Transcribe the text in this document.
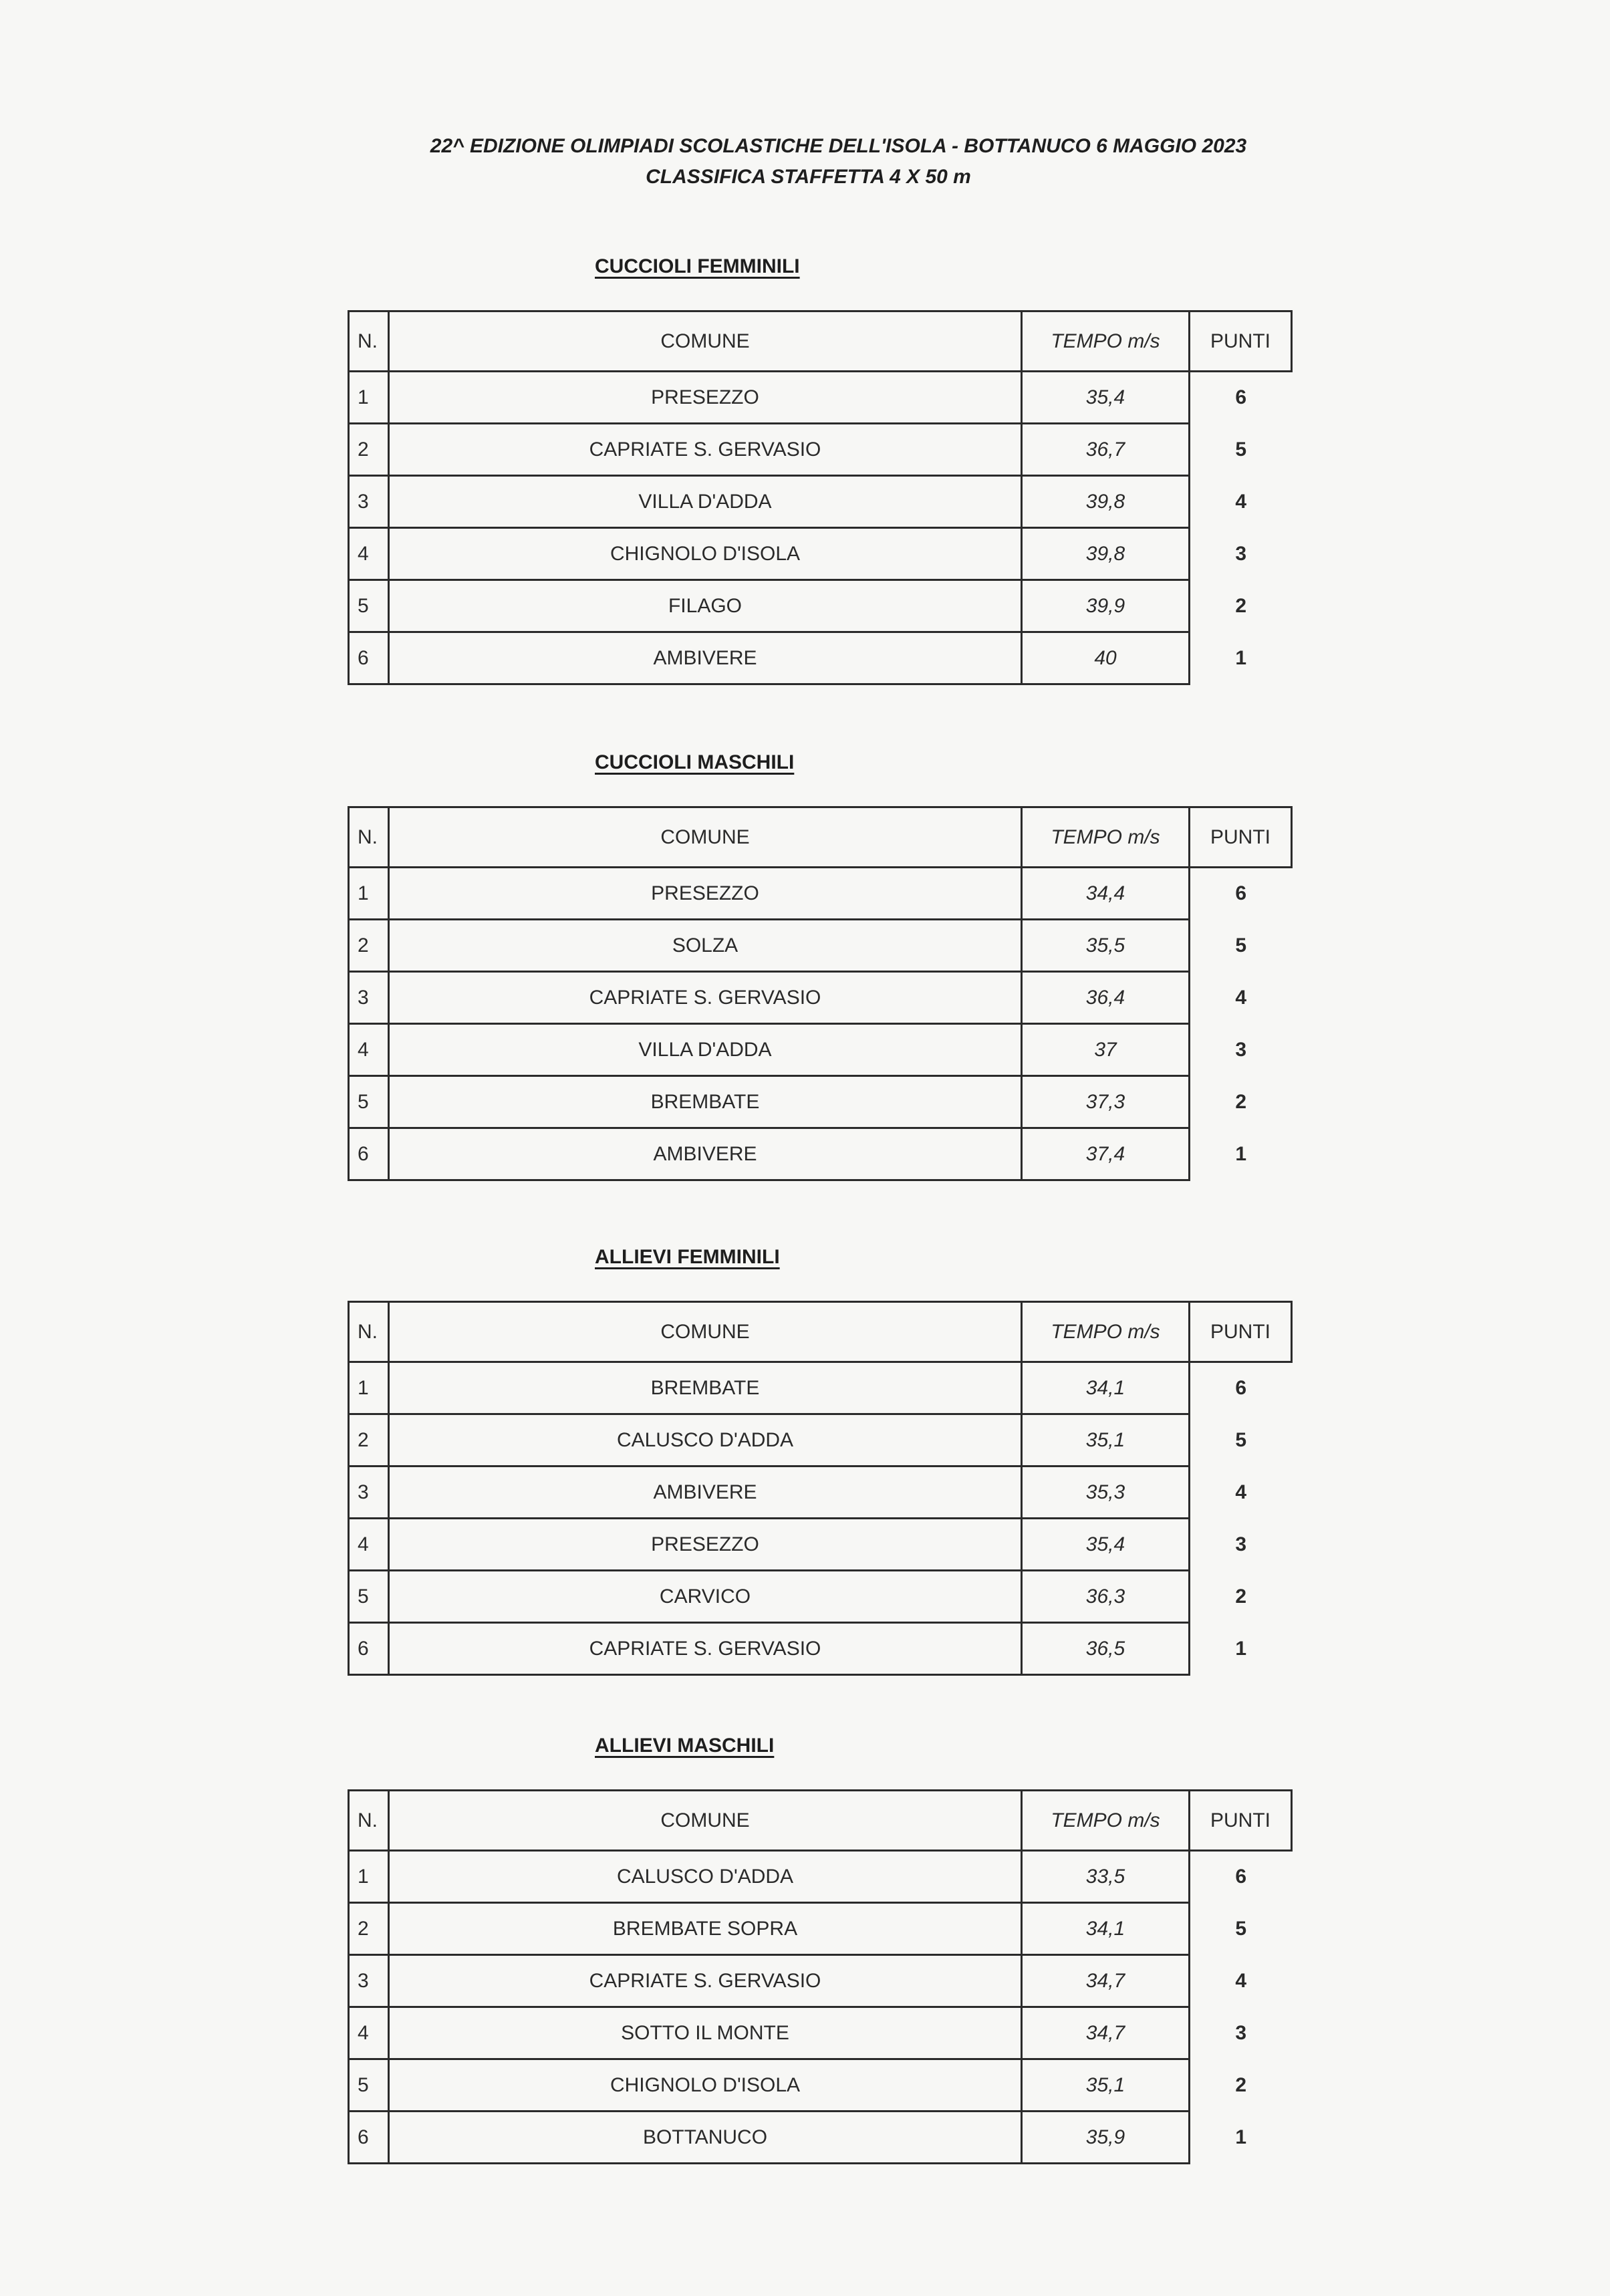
22^ EDIZIONE OLIMPIADI SCOLASTICHE DELL'ISOLA - BOTTANUCO 6 MAGGIO 2023
CLASSIFICA STAFFETTA 4 X 50 m
CUCCIOLI FEMMINILI
N.	COMUNE	TEMPO m/s	PUNTI
1	PRESEZZO	35,4	6
2	CAPRIATE S. GERVASIO	36,7	5
3	VILLA D'ADDA	39,8	4
4	CHIGNOLO D'ISOLA	39,8	3
5	FILAGO	39,9	2
6	AMBIVERE	40	1
CUCCIOLI MASCHILI
N.	COMUNE	TEMPO m/s	PUNTI
1	PRESEZZO	34,4	6
2	SOLZA	35,5	5
3	CAPRIATE S. GERVASIO	36,4	4
4	VILLA D'ADDA	37	3
5	BREMBATE	37,3	2
6	AMBIVERE	37,4	1
ALLIEVI FEMMINILI
N.	COMUNE	TEMPO m/s	PUNTI
1	BREMBATE	34,1	6
2	CALUSCO D'ADDA	35,1	5
3	AMBIVERE	35,3	4
4	PRESEZZO	35,4	3
5	CARVICO	36,3	2
6	CAPRIATE S. GERVASIO	36,5	1
ALLIEVI MASCHILI
N.	COMUNE	TEMPO m/s	PUNTI
1	CALUSCO D'ADDA	33,5	6
2	BREMBATE SOPRA	34,1	5
3	CAPRIATE S. GERVASIO	34,7	4
4	SOTTO IL MONTE	34,7	3
5	CHIGNOLO D'ISOLA	35,1	2
6	BOTTANUCO	35,9	1
